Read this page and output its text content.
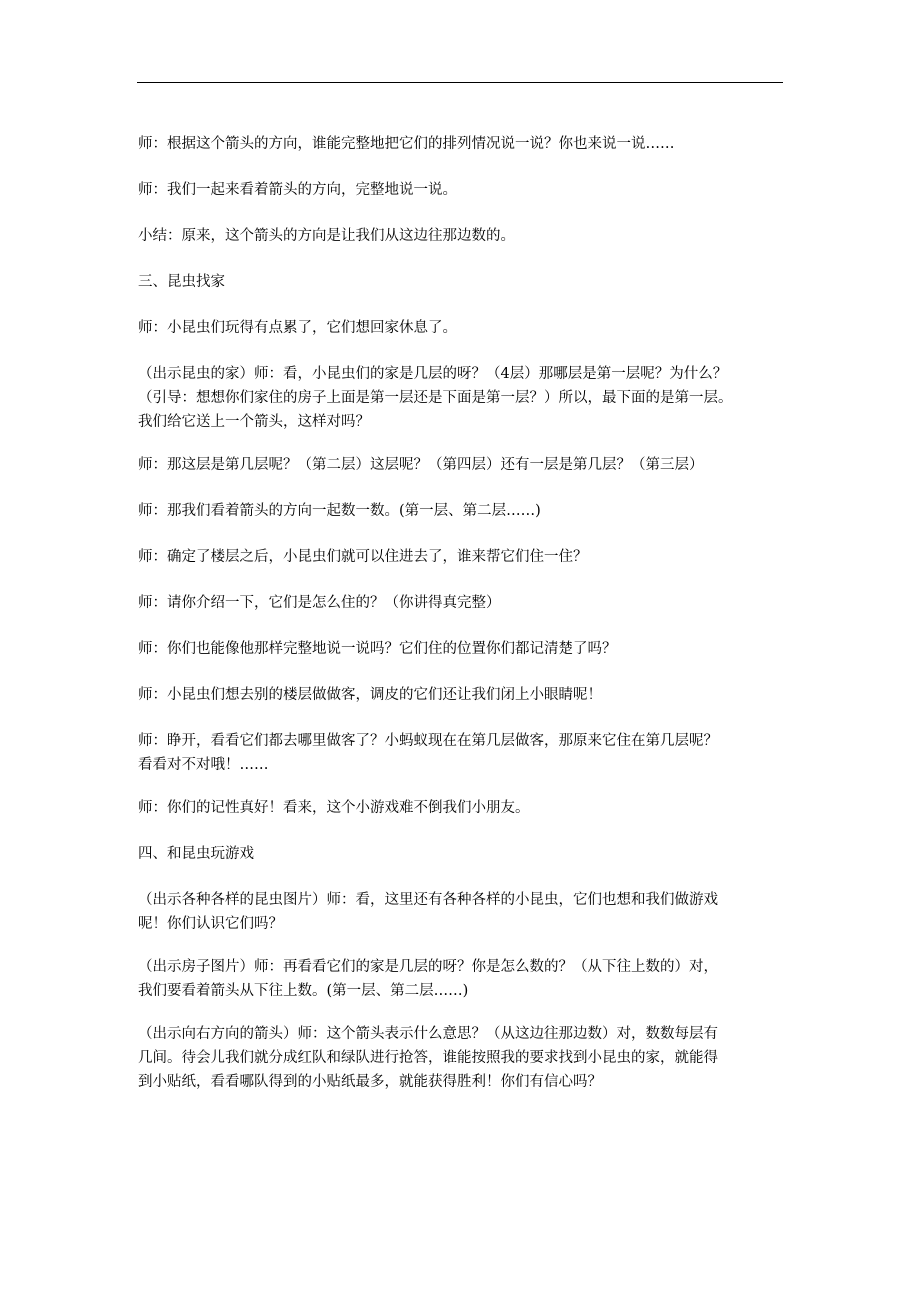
师：根据这个箭头的方向，谁能完整地把它们的排列情况说一说？你也来说一说……

师：我们一起来看着箭头的方向，完整地说一说。

小结：原来，这个箭头的方向是让我们从这边往那边数的。

三、昆虫找家

师：小昆虫们玩得有点累了，它们想回家休息了。

（出示昆虫的家）师：看，小昆虫们的家是几层的呀？（4层）那哪层是第一层呢？为什么？

（引导：想想你们家住的房子上面是第一层还是下面是第一层？）所以，最下面的是第一层。

我们给它送上一个箭头，这样对吗？

师：那这层是第几层呢？（第二层）这层呢？（第四层）还有一层是第几层？（第三层）

师：那我们看着箭头的方向一起数一数。(第一层、第二层……)

师：确定了楼层之后，小昆虫们就可以住进去了，谁来帮它们住一住？

师：请你介绍一下，它们是怎么住的？（你讲得真完整）

师：你们也能像他那样完整地说一说吗？它们住的位置你们都记清楚了吗？

师：小昆虫们想去别的楼层做做客，调皮的它们还让我们闭上小眼睛呢！

师：睁开，看看它们都去哪里做客了？小蚂蚁现在在第几层做客，那原来它住在第几层呢？

看看对不对哦！……

师：你们的记性真好！看来，这个小游戏难不倒我们小朋友。

四、和昆虫玩游戏

（出示各种各样的昆虫图片）师：看，这里还有各种各样的小昆虫，它们也想和我们做游戏

呢！你们认识它们吗？

（出示房子图片）师：再看看它们的家是几层的呀？你是怎么数的？（从下往上数的）对，

我们要看着箭头从下往上数。(第一层、第二层……)

（出示向右方向的箭头）师：这个箭头表示什么意思？（从这边往那边数）对，数数每层有

几间。待会儿我们就分成红队和绿队进行抢答，谁能按照我的要求找到小昆虫的家，就能得

到小贴纸，看看哪队得到的小贴纸最多，就能获得胜利！你们有信心吗？
